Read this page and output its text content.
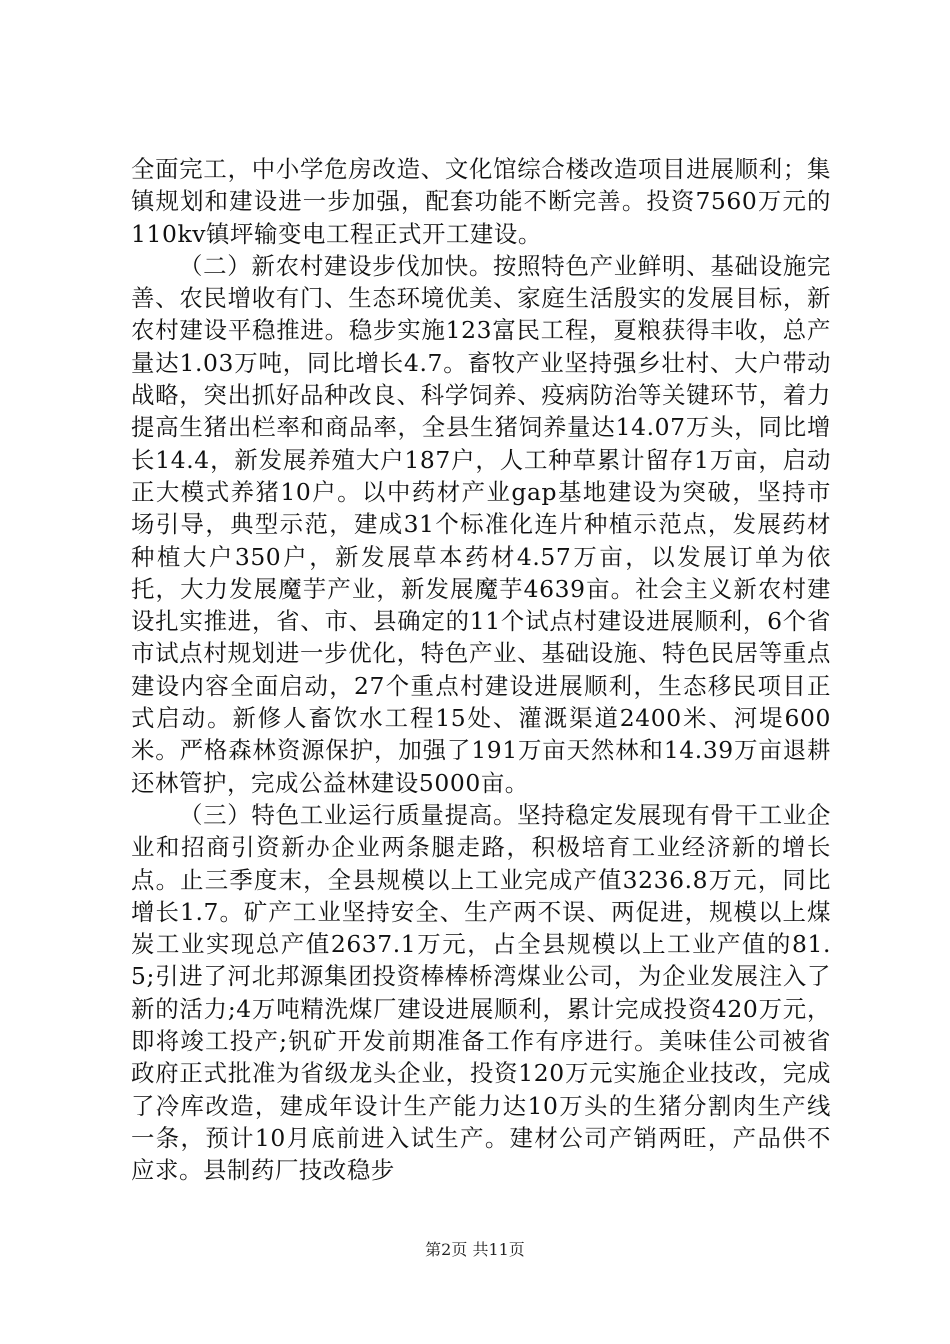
全面完工，中小学危房改造、文化馆综合楼改造项目进展顺利；集镇规划和建设进一步加强，配套功能不断完善。投资7560万元的110kv镇坪输变电工程正式开工建设。

（二）新农村建设步伐加快。按照特色产业鲜明、基础设施完善、农民增收有门、生态环境优美、家庭生活殷实的发展目标，新农村建设平稳推进。稳步实施123富民工程，夏粮获得丰收，总产量达1.03万吨，同比增长4.7。畜牧产业坚持强乡壮村、大户带动战略，突出抓好品种改良、科学饲养、疫病防治等关键环节，着力提高生猪出栏率和商品率，全县生猪饲养量达14.07万头，同比增长14.4，新发展养殖大户187户，人工种草累计留存1万亩，启动正大模式养猪10户。以中药材产业gap基地建设为突破，坚持市场引导，典型示范，建成31个标准化连片种植示范点，发展药材种植大户350户，新发展草本药材4.57万亩，以发展订单为依托，大力发展魔芋产业，新发展魔芋4639亩。社会主义新农村建设扎实推进，省、市、县确定的11个试点村建设进展顺利，6个省市试点村规划进一步优化，特色产业、基础设施、特色民居等重点建设内容全面启动，27个重点村建设进展顺利，生态移民项目正式启动。新修人畜饮水工程15处、灌溉渠道2400米、河堤600米。严格森林资源保护，加强了191万亩天然林和14.39万亩退耕还林管护，完成公益林建设5000亩。

（三）特色工业运行质量提高。坚持稳定发展现有骨干工业企业和招商引资新办企业两条腿走路，积极培育工业经济新的增长点。止三季度末，全县规模以上工业完成产值3236.8万元，同比增长1.7。矿产工业坚持安全、生产两不误、两促进，规模以上煤炭工业实现总产值2637.1万元，占全县规模以上工业产值的81.5;引进了河北邦源集团投资棒棒桥湾煤业公司，为企业发展注入了新的活力;4万吨精洗煤厂建设进展顺利，累计完成投资420万元，即将竣工投产;钒矿开发前期准备工作有序进行。美味佳公司被省政府正式批准为省级龙头企业，投资120万元实施企业技改，完成了冷库改造，建成年设计生产能力达10万头的生猪分割肉生产线一条，预计10月底前进入试生产。建材公司产销两旺，产品供不应求。县制药厂技改稳步

第2页 共11页
